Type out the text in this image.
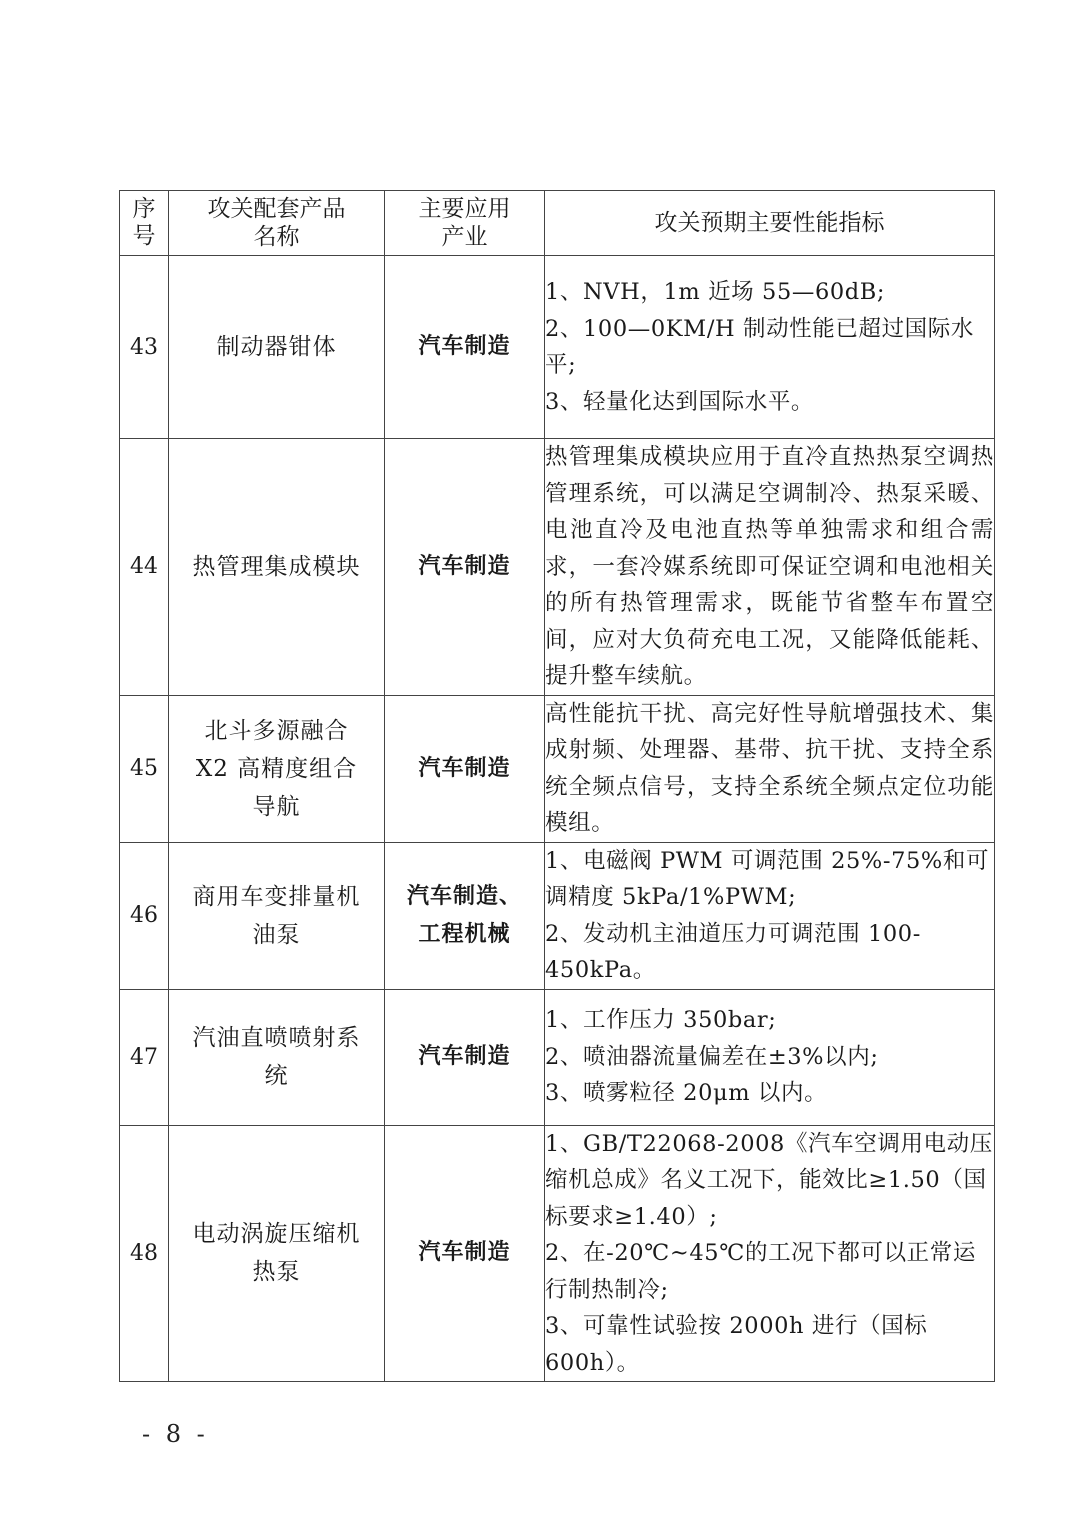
序号	攻关配套产品名称	主要应用产业	攻关预期主要性能指标
43	制动器钳体	汽车制造	1、NVH，1m 近场 55—60dB;
2、100—0KM/H 制动性能已超过国际水平;
3、轻量化达到国际水平。

44	热管理集成模块	汽车制造	热管理集成模块应用于直冷直热热泵空调热管理系统，可以满足空调制冷、热泵采暖、电池直冷及电池直热等单独需求和组合需求，一套冷媒系统即可保证空调和电池相关的所有热管理需求，既能节省整车布置空间，应对大负荷充电工况，又能降低能耗、提升整车续航。

45	北斗多源融合 X2 高精度组合导航	汽车制造	高性能抗干扰、高完好性导航增强技术、集成射频、处理器、基带、抗干扰、支持全系统全频点信号，支持全系统全频点定位功能模组。

46	商用车变排量机油泵	汽车制造、工程机械	1、电磁阀 PWM 可调范围 25%-75%和可调精度 5kPa/1%PWM;
2、发动机主油道压力可调范围 100-450kPa。

47	汽油直喷喷射系统	汽车制造	1、工作压力 350bar;
2、喷油器流量偏差在±3%以内;
3、喷雾粒径 20μm 以内。

48	电动涡旋压缩机热泵	汽车制造	1、GB/T22068-2008《汽车空调用电动压缩机总成》名义工况下，能效比≥1.50（国标要求≥1.40）;
2、在-20℃~45℃的工况下都可以正常运行制热制冷;
3、可靠性试验按 2000h 进行（国标 600h）。
- 8 -
